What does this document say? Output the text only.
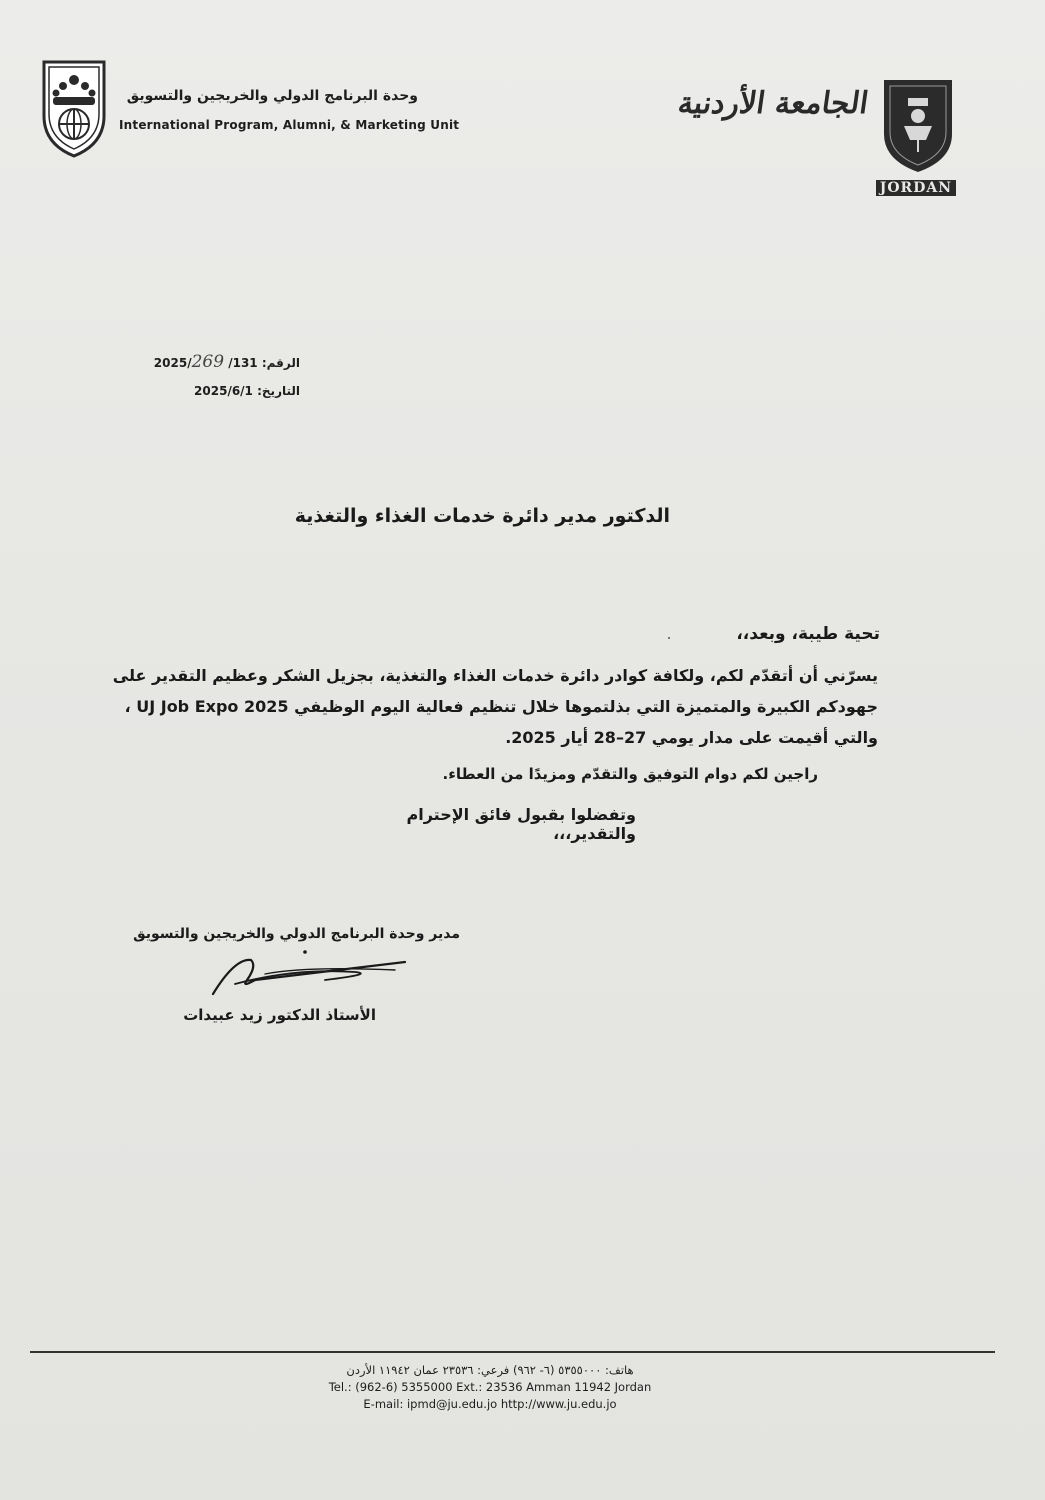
وحدة البرنامج الدولي والخريجين والتسويق
International Program, Alumni, & Marketing Unit
الجامعة الأردنية
JORDAN
الرقم: 131/ 2025/269
التاريخ: 2025/6/1
الدكتور مدير دائرة خدمات الغذاء والتغذية
تحية طيبة، وبعد،،
يسرّني أن أتقدّم لكم، ولكافة كوادر دائرة خدمات الغذاء والتغذية، بجزيل الشكر وعظيم التقدير على جهودكم الكبيرة والمتميزة التي بذلتموها خلال تنظيم فعالية اليوم الوظيفي UJ Job Expo 2025 ، والتي أقيمت على مدار يومي 27–28 أيار 2025.
راجين لكم دوام التوفيق والتقدّم ومزيدًا من العطاء.
وتفضلوا بقبول فائق الإحترام والتقدير،،،
مدير وحدة البرنامج الدولي والخريجين والتسويق
الأستاذ الدكتور زيد عبيدات
هاتف: ٥٣٥٥٠٠٠ (٦- ٩٦٢) فرعي: ٢٣٥٣٦ عمان ١١٩٤٢ الأردن
Tel.: (962-6) 5355000 Ext.: 23536 Amman 11942 Jordan
E-mail: ipmd@ju.edu.jo http://www.ju.edu.jo
